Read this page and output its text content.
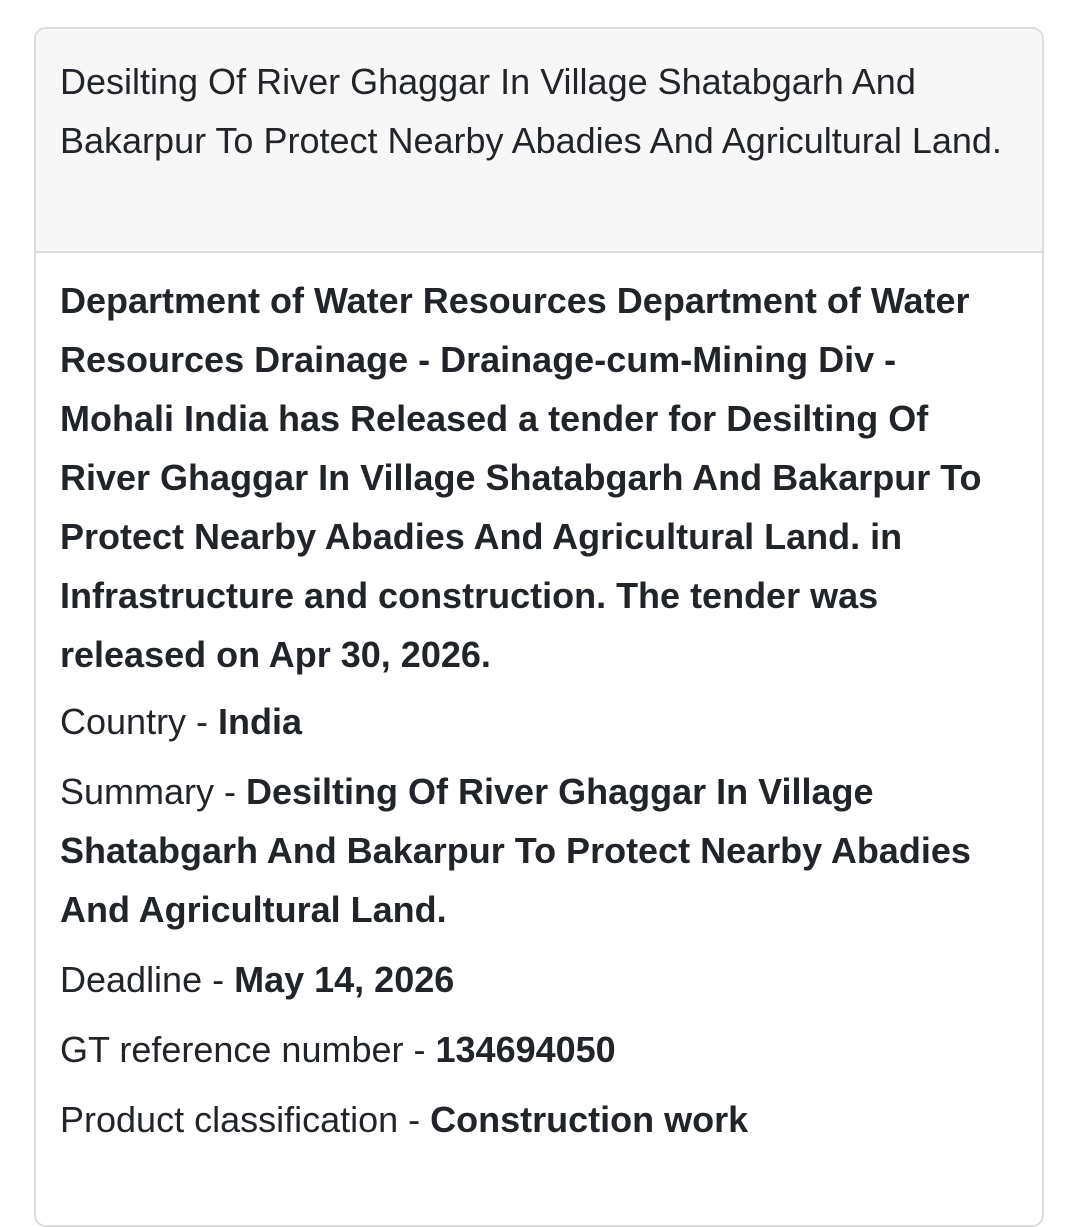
Desilting Of River Ghaggar In Village Shatabgarh And Bakarpur To Protect Nearby Abadies And Agricultural Land.

Department of Water Resources Department of Water Resources Drainage - Drainage-cum-Mining Div - Mohali India has Released a tender for Desilting Of River Ghaggar In Village Shatabgarh And Bakarpur To Protect Nearby Abadies And Agricultural Land. in Infrastructure and construction. The tender was released on Apr 30, 2026.

Country - India
Summary - Desilting Of River Ghaggar In Village Shatabgarh And Bakarpur To Protect Nearby Abadies And Agricultural Land.
Deadline - May 14, 2026
GT reference number - 134694050
Product classification - Construction work
